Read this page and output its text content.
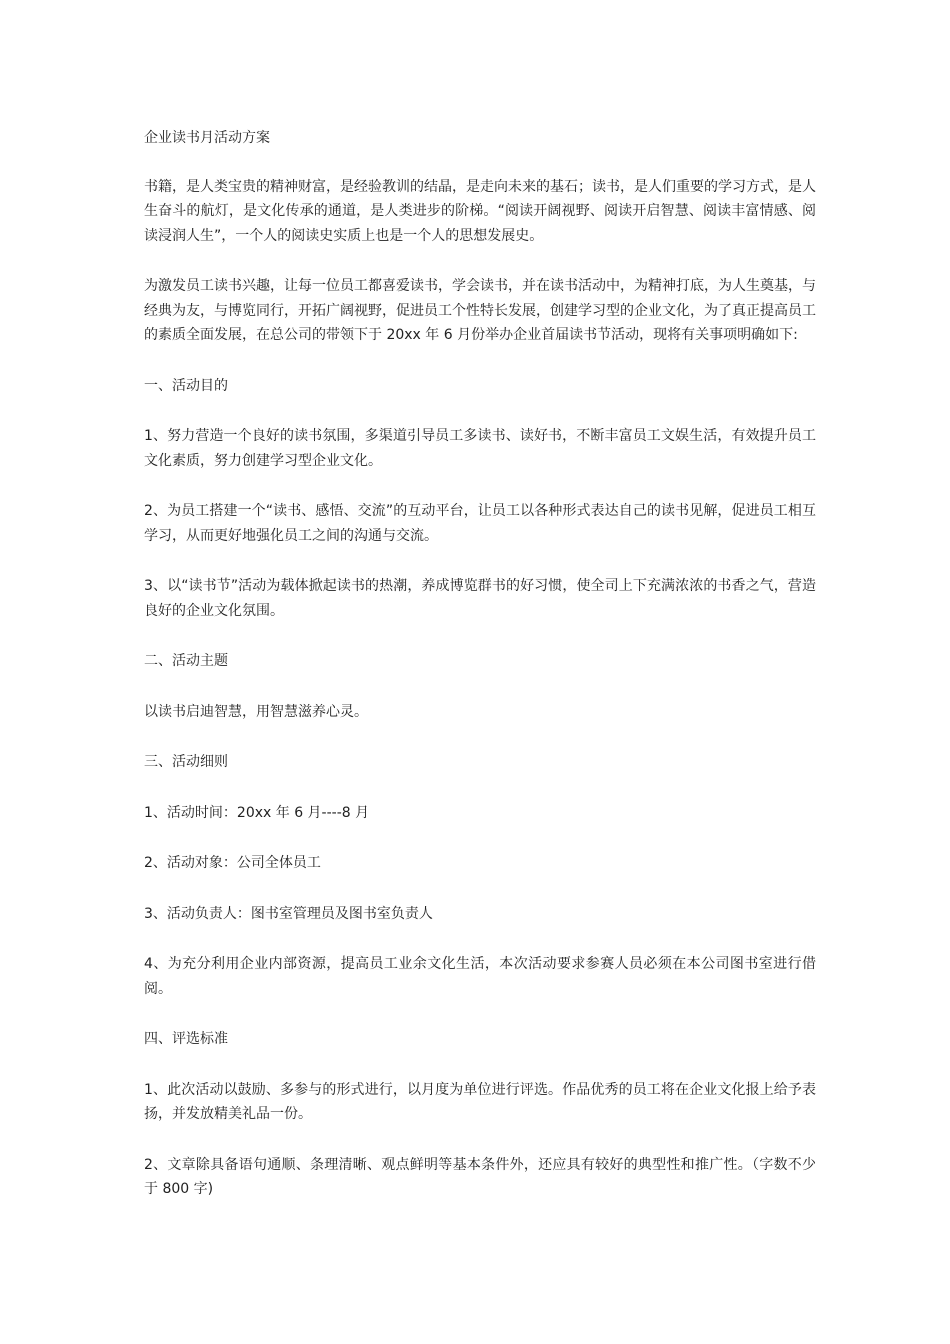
企业读书月活动方案

书籍，是人类宝贵的精神财富，是经验教训的结晶，是走向未来的基石；读书，是人们重要的学习方式，是人生奋斗的航灯，是文化传承的通道，是人类进步的阶梯。“阅读开阔视野、阅读开启智慧、阅读丰富情感、阅读浸润人生”，一个人的阅读史实质上也是一个人的思想发展史。

为激发员工读书兴趣，让每一位员工都喜爱读书，学会读书，并在读书活动中，为精神打底，为人生奠基，与经典为友，与博览同行，开拓广阔视野，促进员工个性特长发展，创建学习型的企业文化，为了真正提高员工的素质全面发展，在总公司的带领下于 20xx 年 6 月份举办企业首届读书节活动，现将有关事项明确如下:

一、活动目的

1、努力营造一个良好的读书氛围，多渠道引导员工多读书、读好书，不断丰富员工文娱生活，有效提升员工文化素质，努力创建学习型企业文化。

2、为员工搭建一个“读书、感悟、交流”的互动平台，让员工以各种形式表达自己的读书见解，促进员工相互学习，从而更好地强化员工之间的沟通与交流。

3、以“读书节”活动为载体掀起读书的热潮，养成博览群书的好习惯，使全司上下充满浓浓的书香之气，营造良好的企业文化氛围。

二、活动主题

以读书启迪智慧，用智慧滋养心灵。

三、活动细则

1、活动时间：20xx 年 6 月----8 月

2、活动对象：公司全体员工

3、活动负责人：图书室管理员及图书室负责人

4、为充分利用企业内部资源，提高员工业余文化生活，本次活动要求参赛人员必须在本公司图书室进行借阅。

四、评选标准

1、此次活动以鼓励、多参与的形式进行，以月度为单位进行评选。作品优秀的员工将在企业文化报上给予表扬，并发放精美礼品一份。

2、文章除具备语句通顺、条理清晰、观点鲜明等基本条件外，还应具有较好的典型性和推广性。（字数不少于 800 字)
